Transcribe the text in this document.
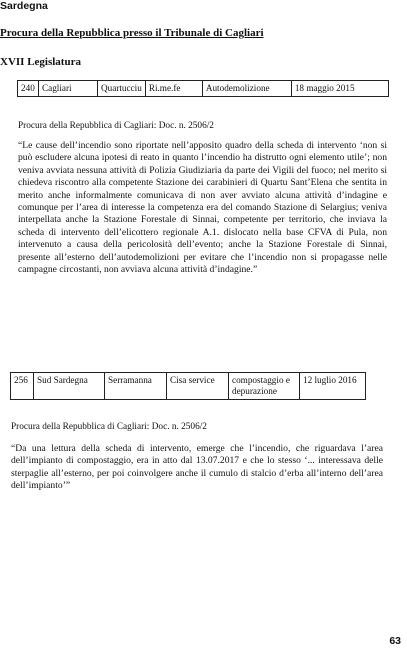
Sardegna
Procura della Repubblica presso il Tribunale di Cagliari
XVII Legislatura
240	Cagliari	Quartucciu	Ri.me.fe	Autodemolizione	18 maggio 2015
Procura della Repubblica di Cagliari: Doc. n. 2506/2
“Le cause dell’incendio sono riportate nell’apposito quadro della scheda di intervento ‘non si può escludere alcuna ipotesi di reato in quanto l’incendio ha distrutto ogni elemento utile’; non veniva avviata nessuna attività di Polizia Giudiziaria da parte dei Vigili del fuoco; nel merito si chiedeva riscontro alla competente Stazione dei carabinieri di Quartu Sant’Elena che sentita in merito anche informalmente comunicava di non aver avviato alcuna attività d’indagine e comunque per l’area di interesse la competenza era del comando Stazione di Selargius; veniva interpellata anche la Stazione Forestale di Sinnai, competente per territorio, che inviava la scheda di intervento dell’elicottero regionale A.1. dislocato nella base CFVA di Pula, non intervenuto a causa della pericolosità dell’evento; anche la Stazione Forestale di Sinnai, presente all’esterno dell’autodemolizioni per evitare che l’incendio non si propagasse nelle campagne circostanti, non avviava alcuna attività d’indagine.”
256	Sud Sardegna	Serramanna	Cisa service	compostaggio e depurazione	12 luglio 2016
Procura della Repubblica di Cagliari: Doc. n. 2506/2
“Da una lettura della scheda di intervento, emerge che l’incendio, che riguardava l’area dell’impianto di compostaggio, era in atto dal 13.07.2017 e che lo stesso ‘... interessava delle sterpaglie all’esterno, per poi coinvolgere anche il cumulo di stalcio d’erba all’interno dell’area dell’impianto’”
63
